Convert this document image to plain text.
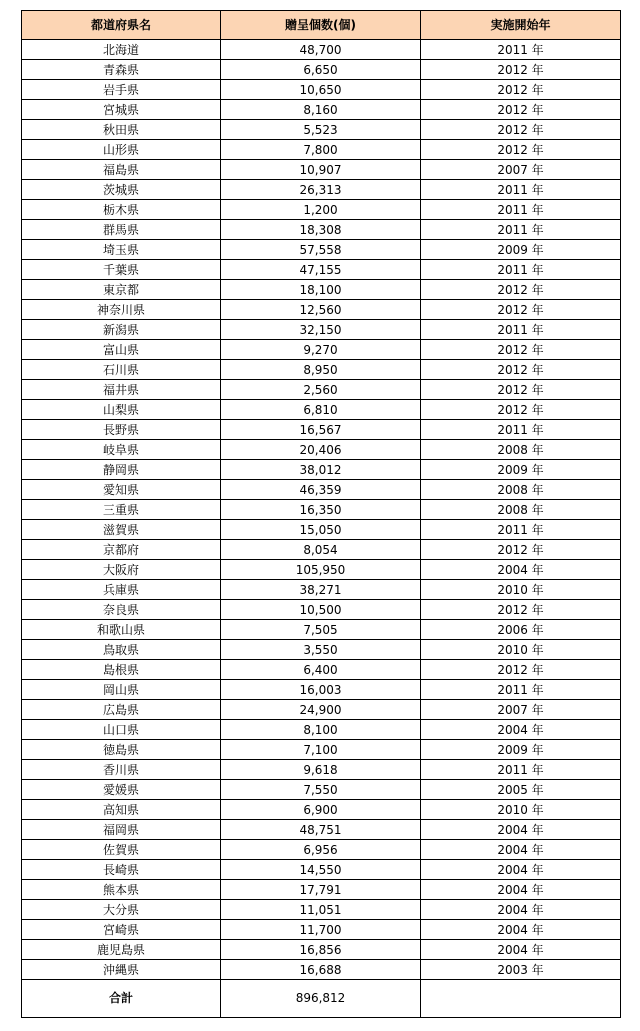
都道府県名	贈呈個数(個)	実施開始年
北海道	48,700	2011 年
青森県	6,650	2012 年
岩手県	10,650	2012 年
宮城県	8,160	2012 年
秋田県	5,523	2012 年
山形県	7,800	2012 年
福島県	10,907	2007 年
茨城県	26,313	2011 年
栃木県	1,200	2011 年
群馬県	18,308	2011 年
埼玉県	57,558	2009 年
千葉県	47,155	2011 年
東京都	18,100	2012 年
神奈川県	12,560	2012 年
新潟県	32,150	2011 年
富山県	9,270	2012 年
石川県	8,950	2012 年
福井県	2,560	2012 年
山梨県	6,810	2012 年
長野県	16,567	2011 年
岐阜県	20,406	2008 年
静岡県	38,012	2009 年
愛知県	46,359	2008 年
三重県	16,350	2008 年
滋賀県	15,050	2011 年
京都府	8,054	2012 年
大阪府	105,950	2004 年
兵庫県	38,271	2010 年
奈良県	10,500	2012 年
和歌山県	7,505	2006 年
鳥取県	3,550	2010 年
島根県	6,400	2012 年
岡山県	16,003	2011 年
広島県	24,900	2007 年
山口県	8,100	2004 年
徳島県	7,100	2009 年
香川県	9,618	2011 年
愛媛県	7,550	2005 年
高知県	6,900	2010 年
福岡県	48,751	2004 年
佐賀県	6,956	2004 年
長崎県	14,550	2004 年
熊本県	17,791	2004 年
大分県	11,051	2004 年
宮崎県	11,700	2004 年
鹿児島県	16,856	2004 年
沖縄県	16,688	2003 年
合計	896,812	
